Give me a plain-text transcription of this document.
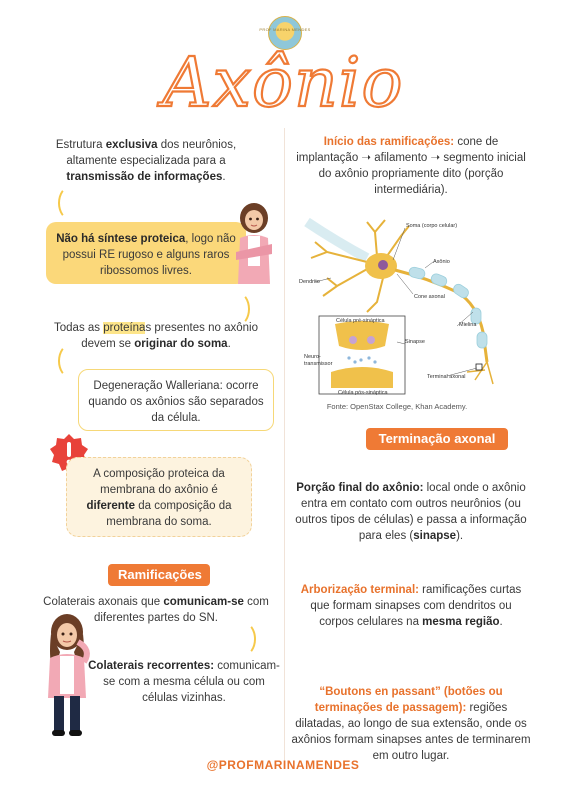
PROF MARINA MENDES
Axônio
Estrutura exclusiva dos neurônios, altamente especializada para a transmissão de informações.
Não há síntese proteica, logo não possui RE rugoso e alguns raros ribossomos livres.
Todas as proteínas presentes no axônio devem se originar do soma.
Degeneração Walleriana: ocorre quando os axônios são separados da célula.
A composição proteica da membrana do axônio é diferente da composição da membrana do soma.
Ramificações
Colaterais axonais que comunicam-se com diferentes partes do SN.
Colaterais recorrentes: comunicam-se com a mesma célula ou com células vizinhas.
Início das ramificações: cone de implantação ➝ afilamento ➝ segmento inicial do axônio propriamente dito (porção intermediária).
Soma (corpo celular)
Dendrito
Axônio
Cone axonal
Célula pré-sináptica
Neuro-
transmissor
Sinapse
Célula pós-sináptica
Mielina
Terminal axonal
Fonte: OpenStax College, Khan Academy.
Terminação axonal
Porção final do axônio: local onde o axônio entra em contato com outros neurônios (ou outros tipos de células) e passa a informação para eles (sinapse).
Arborização terminal: ramificações curtas que formam sinapses com dendritos ou corpos celulares na mesma região.
“Boutons en passant” (botões ou terminações de passagem): regiões dilatadas, ao longo de sua extensão, onde os axônios formam sinapses antes de terminarem em outro lugar.
@PROFMARINAMENDES
